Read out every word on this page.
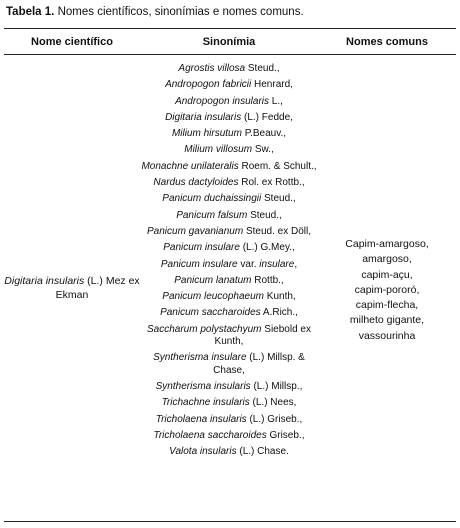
Tabela 1. Nomes científicos, sinonímias e nomes comuns.
Nome científico	Sinonímia	Nomes comuns
Digitaria insularis (L.) Mez ex Ekman
Agrostis villosa Steud.,
Andropogon fabricii Henrard,
Andropogon insularis L.,
Digitaria insularis (L.) Fedde,
Milium hirsutum P.Beauv.,
Milium villosum Sw.,
Monachne unilateralis Roem. & Schult.,
Nardus dactyloides Rol. ex Rottb.,
Panicum duchaissingii Steud.,
Panicum falsum Steud.,
Panicum gavanianum Steud. ex Döll,
Panicum insulare (L.) G.Mey.,
Panicum insulare var. insulare,
Panicum lanatum Rottb.,
Panicum leucophaeum Kunth,
Panicum saccharoides A.Rich.,
Saccharum polystachyum Siebold ex Kunth,
Syntherisma insulare (L.) Millsp. & Chase,
Syntherisma insularis (L.) Millsp.,
Trichachne insularis (L.) Nees,
Tricholaena insularis (L.) Griseb.,
Tricholaena saccharoides Griseb.,
Valota insularis (L.) Chase.
Capim-amargoso,
amargoso,
capim-açu,
capim-pororó,
capim-flecha,
milheto gigante,
vassourinha
